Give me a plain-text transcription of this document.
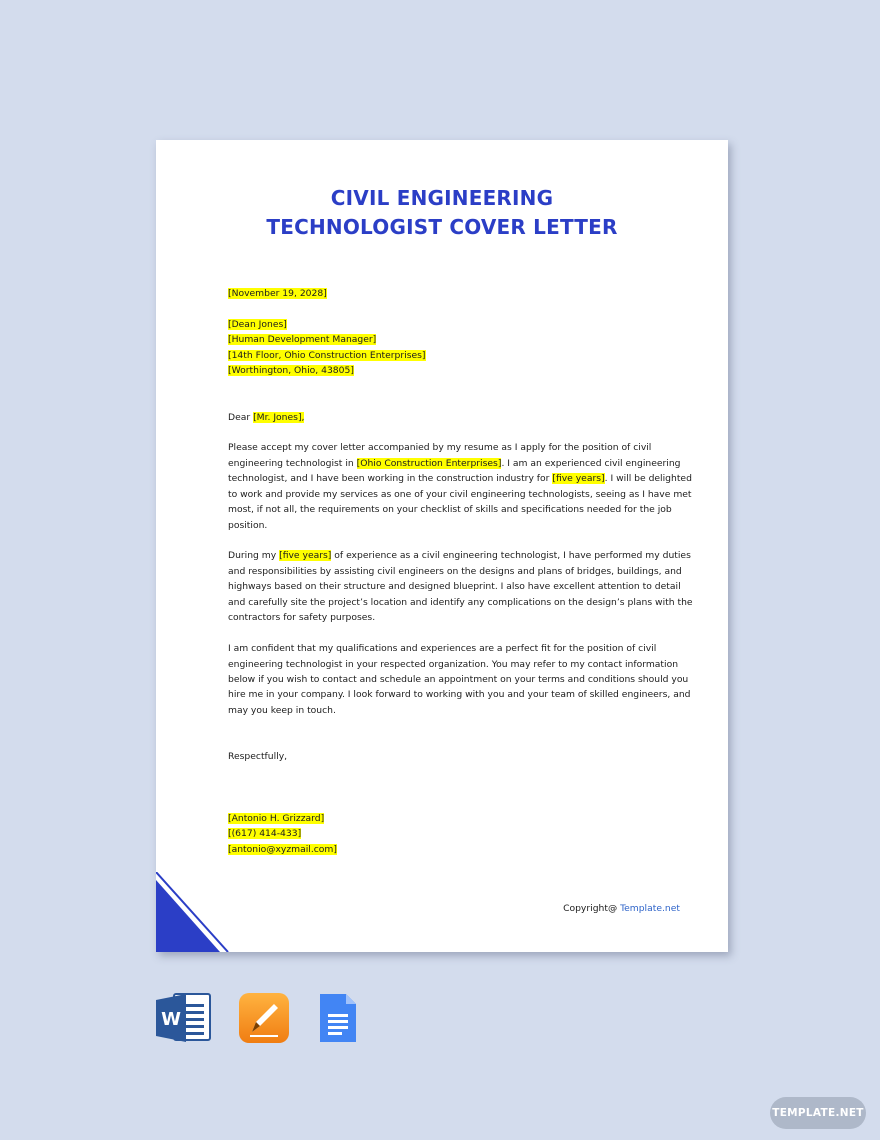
CIVIL ENGINEERING
TECHNOLOGIST COVER LETTER
[November 19, 2028]
[Dean Jones]
[Human Development Manager]
[14th Floor, Ohio Construction Enterprises]
[Worthington, Ohio, 43805]
Dear [Mr. Jones],
Please accept my cover letter accompanied by my resume as I apply for the position of civil
engineering technologist in [Ohio Construction Enterprises]. I am an experienced civil engineering
technologist, and I have been working in the construction industry for [five years]. I will be delighted
to work and provide my services as one of your civil engineering technologists, seeing as I have met
most, if not all, the requirements on your checklist of skills and specifications needed for the job
position.
During my [five years] of experience as a civil engineering technologist, I have performed my duties
and responsibilities by assisting civil engineers on the designs and plans of bridges, buildings, and
highways based on their structure and designed blueprint. I also have excellent attention to detail
and carefully site the project’s location and identify any complications on the design’s plans with the
contractors for safety purposes.
I am confident that my qualifications and experiences are a perfect fit for the position of civil
engineering technologist in your respected organization. You may refer to my contact information
below if you wish to contact and schedule an appointment on your terms and conditions should you
hire me in your company. I look forward to working with you and your team of skilled engineers, and
may you keep in touch.
Respectfully,
[Antonio H. Grizzard]
[(617) 414-433]
[antonio@xyzmail.com]
Copyright@ Template.net
W
TEMPLATE.NET
